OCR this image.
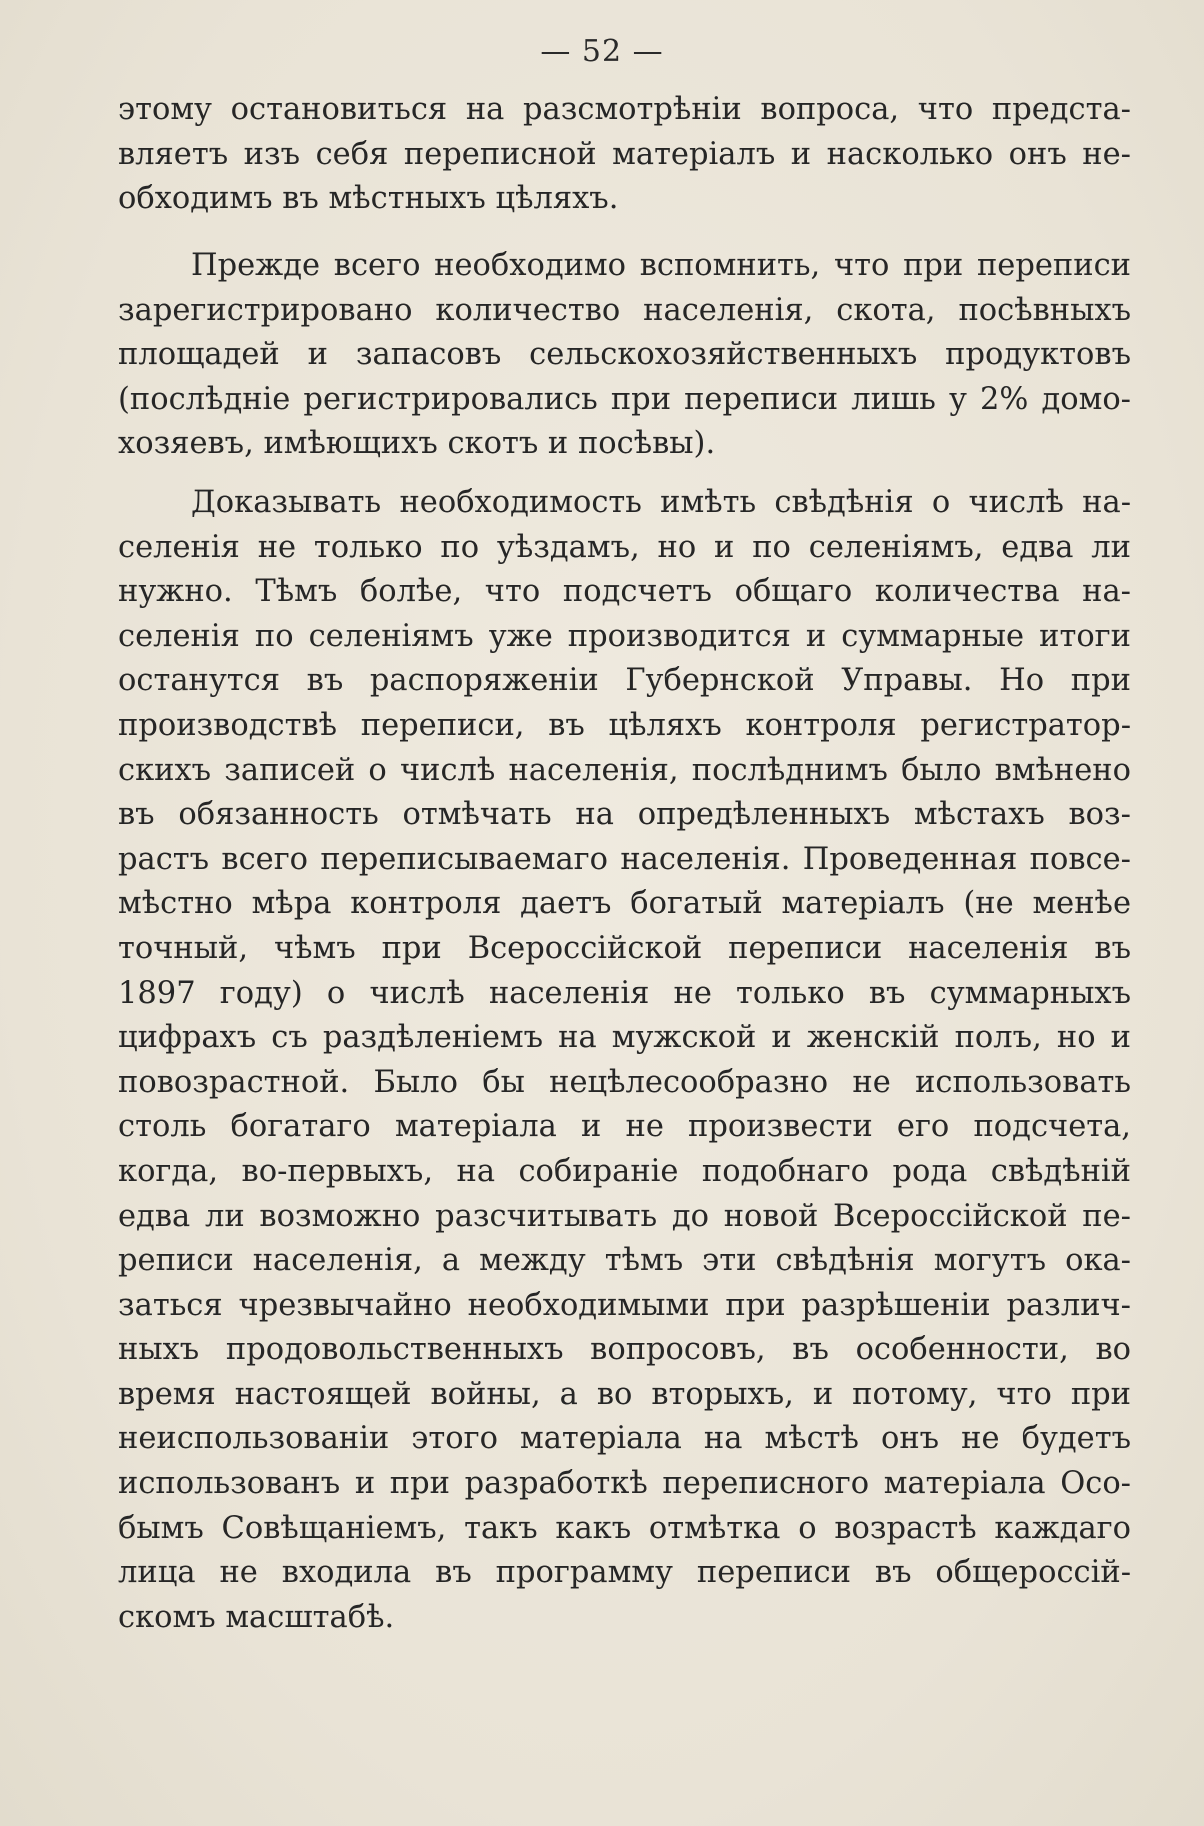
— 52 —
этому остановиться на разсмотрѣніи вопроса, что предста-
вляетъ изъ себя переписной матеріалъ и насколько онъ не-
обходимъ въ мѣстныхъ цѣляхъ.
Прежде всего необходимо вспомнить, что при переписи
зарегистрировано количество населенія, скота, посѣвныхъ
площадей и запасовъ сельскохозяйственныхъ продуктовъ
(послѣдніе регистрировались при переписи лишь у 2% домо-
хозяевъ, имѣющихъ скотъ и посѣвы).
Доказывать необходимость имѣть свѣдѣнія о числѣ на-
селенія не только по уѣздамъ, но и по селеніямъ, едва ли
нужно. Тѣмъ болѣе, что подсчетъ общаго количества на-
селенія по селеніямъ уже производится и суммарные итоги
останутся въ распоряженіи Губернской Управы. Но при
производствѣ переписи, въ цѣляхъ контроля регистратор-
скихъ записей о числѣ населенія, послѣднимъ было вмѣнено
въ обязанность отмѣчать на опредѣленныхъ мѣстахъ воз-
растъ всего переписываемаго населенія. Проведенная повсе-
мѣстно мѣра контроля даетъ богатый матеріалъ (не менѣе
точный, чѣмъ при Всероссійской переписи населенія въ
1897 году) о числѣ населенія не только въ суммарныхъ
цифрахъ съ раздѣленіемъ на мужской и женскій полъ, но и
повозрастной. Было бы нецѣлесообразно не использовать
столь богатаго матеріала и не произвести его подсчета,
когда, во-первыхъ, на собираніе подобнаго рода свѣдѣній
едва ли возможно разсчитывать до новой Всероссійской пе-
реписи населенія, а между тѣмъ эти свѣдѣнія могутъ ока-
заться чрезвычайно необходимыми при разрѣшеніи различ-
ныхъ продовольственныхъ вопросовъ, въ особенности, во
время настоящей войны, а во вторыхъ, и потому, что при
неиспользованіи этого матеріала на мѣстѣ онъ не будетъ
использованъ и при разработкѣ переписного матеріала Осо-
бымъ Совѣщаніемъ, такъ какъ отмѣтка о возрастѣ каждаго
лица не входила въ программу переписи въ общероссій-
скомъ масштабѣ.
